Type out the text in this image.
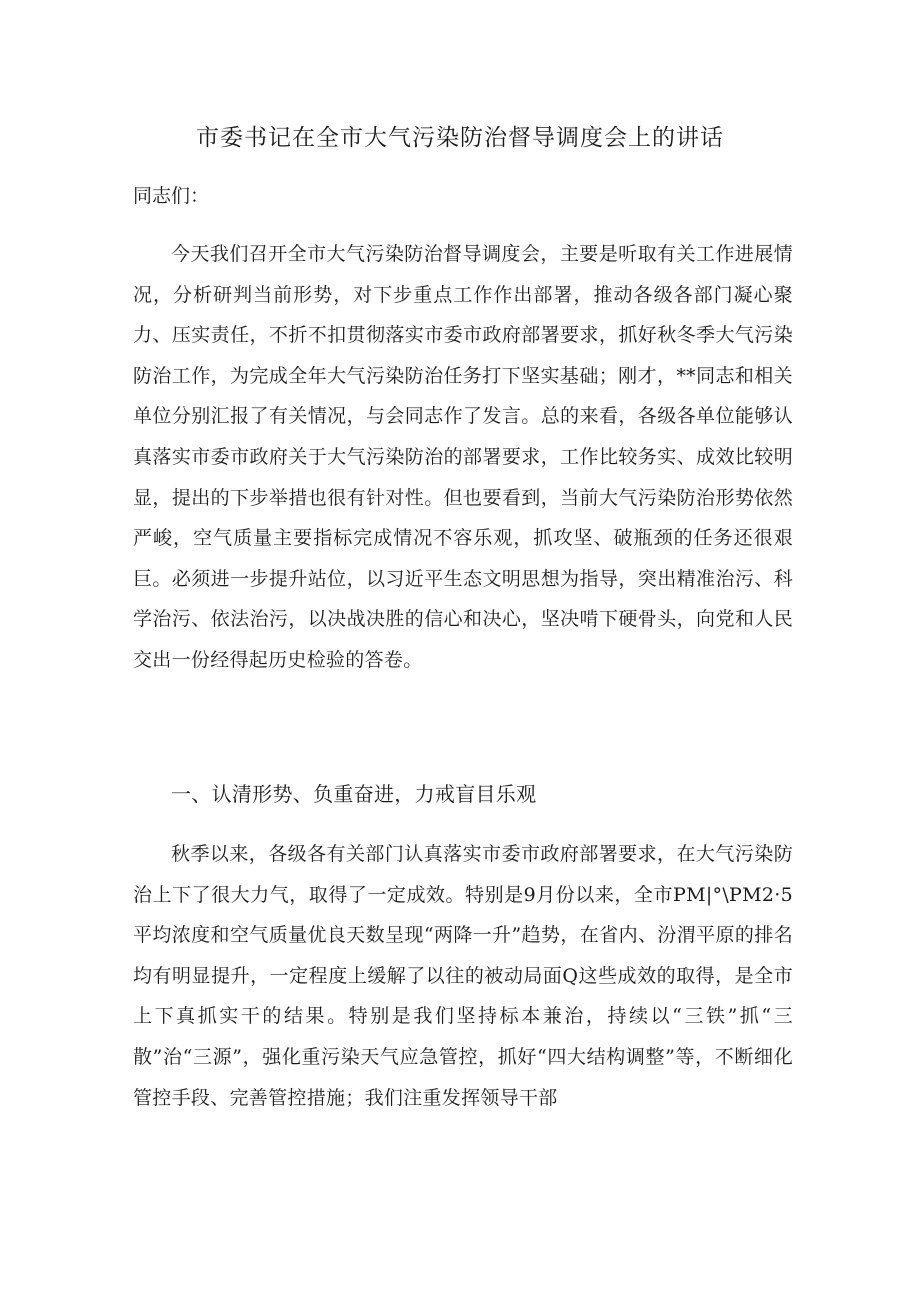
市委书记在全市大气污染防治督导调度会上的讲话

同志们：

今天我们召开全市大气污染防治督导调度会，主要是听取有关工作进展情况，分析研判当前形势，对下步重点工作作出部署，推动各级各部门凝心聚力、压实责任，不折不扣贯彻落实市委市政府部署要求，抓好秋冬季大气污染防治工作，为完成全年大气污染防治任务打下坚实基础；刚才，**同志和相关单位分别汇报了有关情况，与会同志作了发言。总的来看，各级各单位能够认真落实市委市政府关于大气污染防治的部署要求，工作比较务实、成效比较明显，提出的下步举措也很有针对性。但也要看到，当前大气污染防治形势依然严峻，空气质量主要指标完成情况不容乐观，抓攻坚、破瓶颈的任务还很艰巨。必须进一步提升站位，以习近平生态文明思想为指导，突出精准治污、科学治污、依法治污，以决战决胜的信心和决心，坚决啃下硬骨头，向党和人民交出一份经得起历史检验的答卷。

一、认清形势、负重奋进，力戒盲目乐观

秋季以来，各级各有关部门认真落实市委市政府部署要求，在大气污染防治上下了很大力气，取得了一定成效。特别是9月份以来，全市PM|°\PM2·5平均浓度和空气质量优良天数呈现“两降一升”趋势，在省内、汾渭平原的排名均有明显提升，一定程度上缓解了以往的被动局面Q这些成效的取得，是全市上下真抓实干的结果。特别是我们坚持标本兼治，持续以“三铁”抓“三散”治“三源”，强化重污染天气应急管控，抓好“四大结构调整”等，不断细化管控手段、完善管控措施；我们注重发挥领导干部
